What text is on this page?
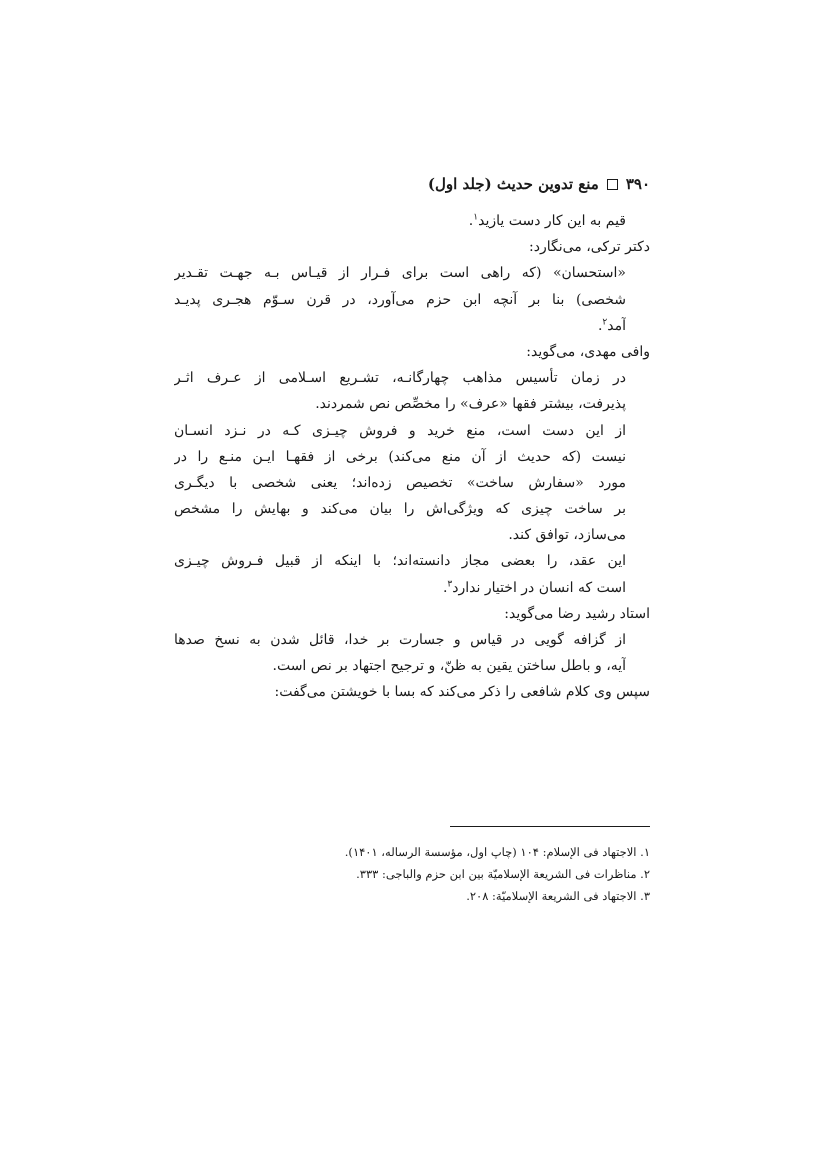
۳۹۰
منع تدوین حدیث (جلد اول)
قیم به این کار دست یازید$^۱$.
دکتر ترکی، می‌نگارد:
«استحسان» (که راهی است برای فـرار از قیـاس بـه جهـت تقـدیر
شخصی) بنا بر آنچه ابن حزم می‌آورد، در قرن سـوّم هجـری پدیـد
آمد$^۲$.
وافی مهدی، می‌گوید:
در زمان تأسیس مذاهب چهارگانـه، تشـریع اسـلامی از عـرف اثـر
پذیرفت، بیشتر فقها «عرف» را مخصِّص نص شمردند.
از این دست است، منع خرید و فروش چیـزی کـه در نـزد انسـان
نیست (که حدیث از آن منع می‌کند) برخی از فقهـا ایـن منـع را در
مورد «سفارش ساخت» تخصیص زده‌اند؛ یعنی شخصی با دیگـری
بر ساخت چیزی که ویژگی‌اش را بیان می‌کند و بهایش را مشخص
می‌سازد، توافق کند.
این عقد، را بعضی مجاز دانسته‌اند؛ با اینکه از قبیل فـروش چیـزی
است که انسان در اختیار ندارد$^۳$.
استاد رشید رضا می‌گوید:
از گزافه گویی در قیاس و جسارت بر خدا، قائل شدن به نسخ صدها
آیه، و باطل ساختن یقین به ظنّ، و ترجیح اجتهاد بر نص است.
سپس وی کلام شافعی را ذکر می‌کند که بسا با خویشتن می‌گفت:
۱. الاجتهاد فی الإسلام: ۱۰۴ (چاپ اول، مؤسسة الرساله، ۱۴۰۱).
۲. مناظرات فی الشریعة الإسلامیّة بین ابن حزم والباجی: ۳۳۳.
۳. الاجتهاد فی الشریعة الإسلامیّة: ۲۰۸.
